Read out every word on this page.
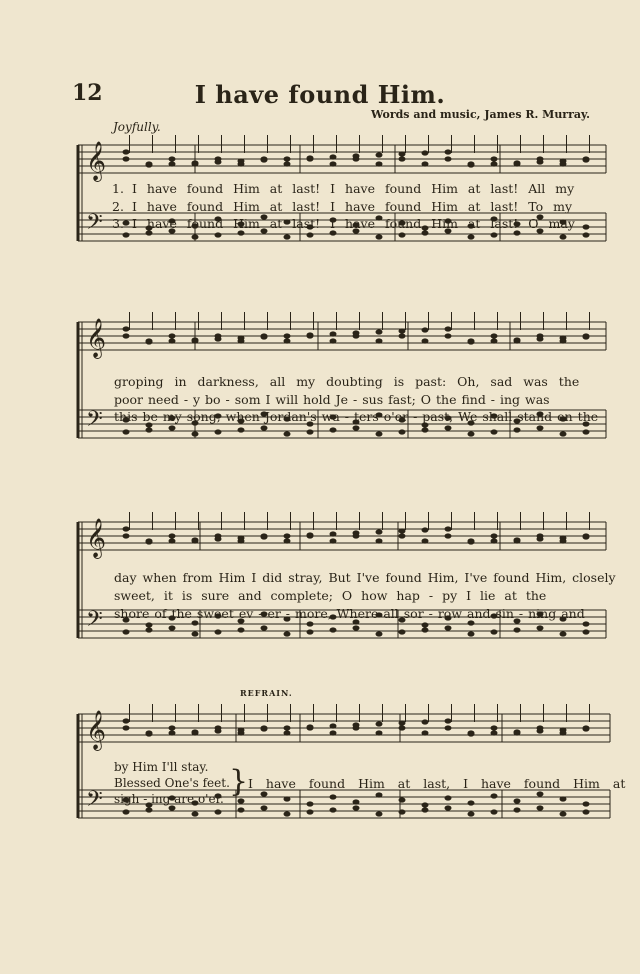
12	I have found Him.
Words and music, James R. Murray.
Joyfully.
𝄞
𝄢
𝄞
𝄢
𝄞
𝄢
𝄞
𝄢
1.
2.
3.
I have found Him at last! I have found Him at last! All my
I have found Him at last! I have found Him at last! To my
I have found Him at last! I have found Him at last! O may
groping in darkness, all my doubting is past: Oh, sad was the
poor need - y bo - som I will hold Je - sus fast; O the find - ing was
this be my song, when Jordan's wa - ters o'er - past, We shall stand on the
day when from Him I did stray, But I've found Him, I've found Him, closely
sweet, it is sure and complete; O how hap - py I lie at the
shore of the sweet ev - er - more, Where all sor - row and sin - ning and
REFRAIN.
by Him I'll stay.
Blessed One's feet.
sigh - ing are o'er. } I have found Him at last, I have found Him at
